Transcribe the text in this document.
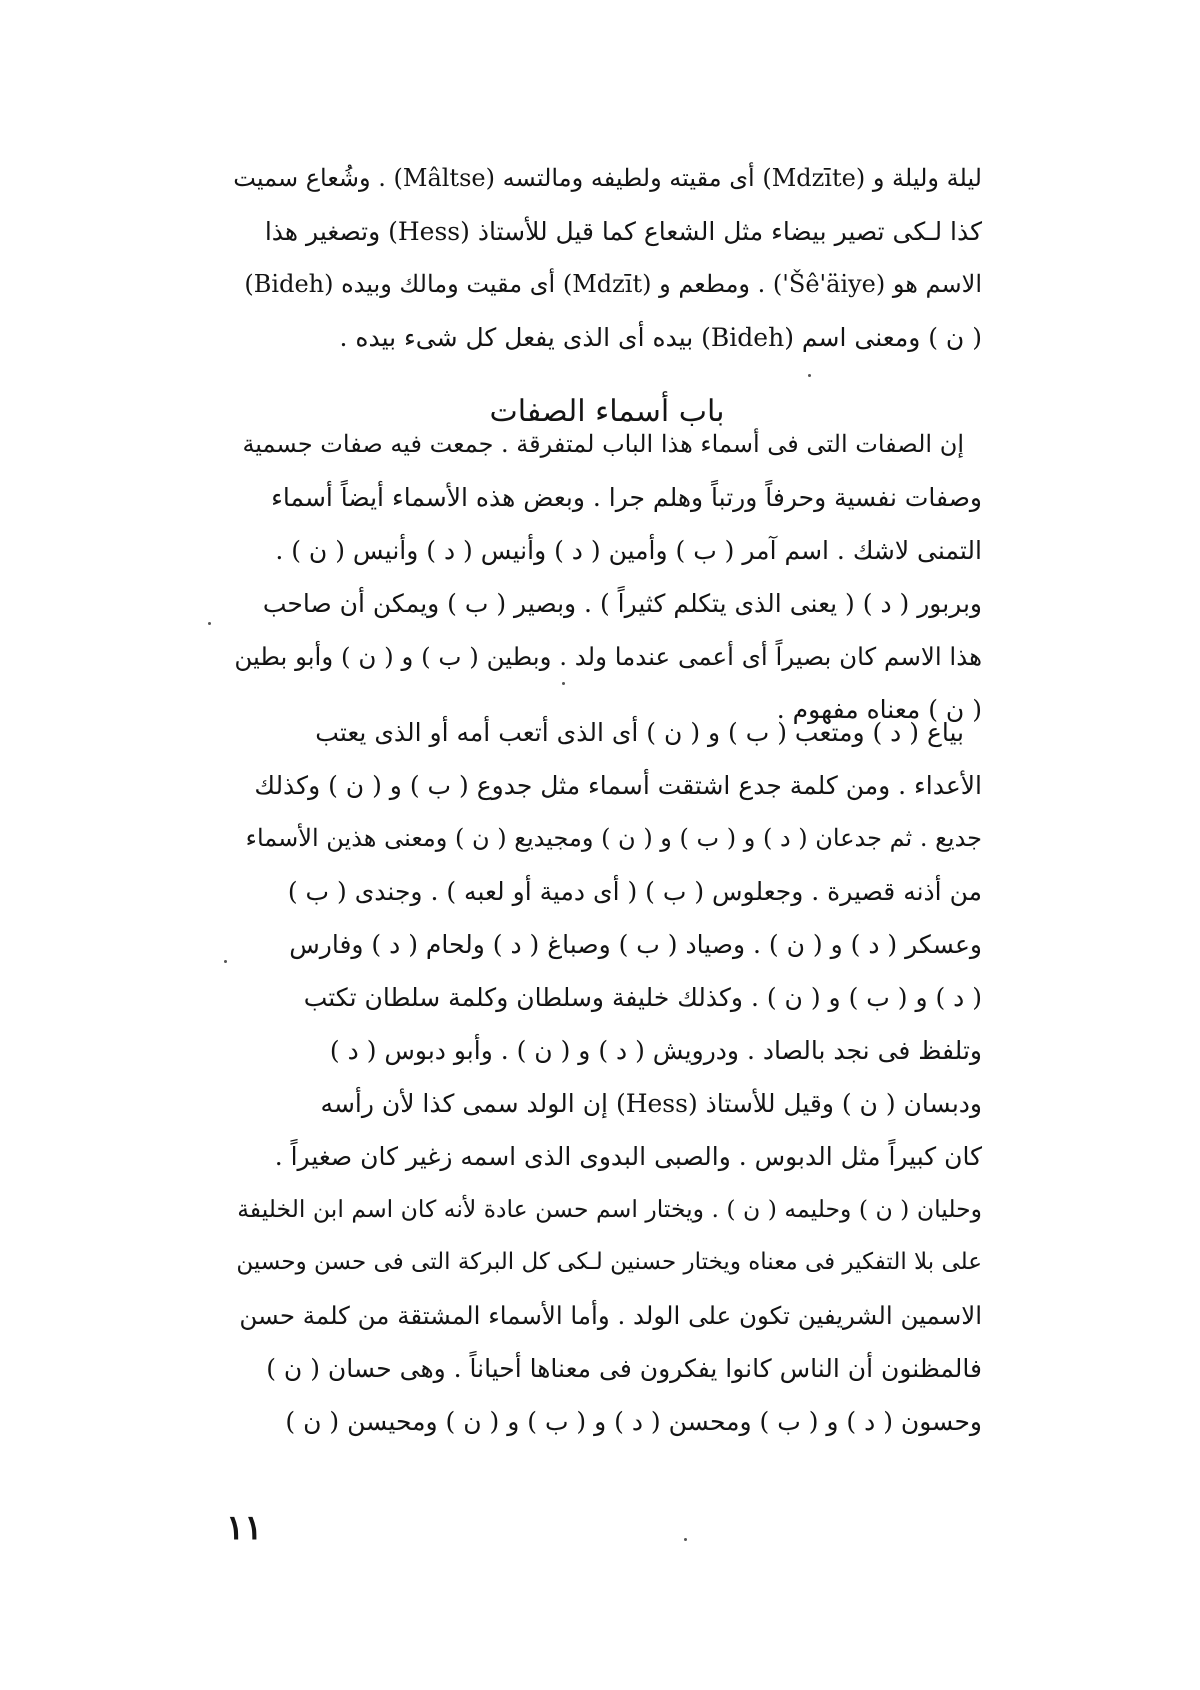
ليلة وليلة و (Mdzīte) أى مقيته ولطيفه ومالتسه (Mâltse) . وشُعاع سميت
كذا لـكى تصير بيضاء مثل الشعاع كما قيل للأستاذ (Hess) وتصغير هذا
الاسم هو (Šê'äiye') . ومطعم و (Mdzīt) أى مقيت ومالك وبيده (Bideh)
( ن ) ومعنى اسم (Bideh) بيده أى الذى يفعل كل شىء بيده .
باب أسماء الصفات
إن الصفات التى فى أسماء هذا الباب لمتفرقة . جمعت فيه صفات جسمية
وصفات نفسية وحرفاً ورتباً وهلم جرا . وبعض هذه الأسماء أيضاً أسماء
التمنى لاشك . اسم آمر ( ب ) وأمين ( د ) وأنيس ( د ) وأنيس ( ن ) .
وبربور ( د ) ( يعنى الذى يتكلم كثيراً ) . وبصير ( ب ) ويمكن أن صاحب
هذا الاسم كان بصيراً أى أعمى عندما ولد . وبطين ( ب ) و ( ن ) وأبو بطين
( ن ) معناه مفهوم .
بياع ( د ) ومتعب ( ب ) و ( ن ) أى الذى أتعب أمه أو الذى يعتب
الأعداء . ومن كلمة جدع اشتقت أسماء مثل جدوع ( ب ) و ( ن ) وكذلك
جديع . ثم جدعان ( د ) و ( ب ) و ( ن ) ومجيديع ( ن ) ومعنى هذين الأسماء
من أذنه قصيرة . وجعلوس ( ب ) ( أى دمية أو لعبه ) . وجندى ( ب )
وعسكر ( د ) و ( ن ) . وصياد ( ب ) وصباغ ( د ) ولحام ( د ) وفارس
( د ) و ( ب ) و ( ن ) . وكذلك خليفة وسلطان وكلمة سلطان تكتب
وتلفظ فى نجد بالصاد . ودرويش ( د ) و ( ن ) . وأبو دبوس ( د )
ودبسان ( ن ) وقيل للأستاذ (Hess) إن الولد سمى كذا لأن رأسه
كان كبيراً مثل الدبوس . والصبى البدوى الذى اسمه زغير كان صغيراً .
وحليان ( ن ) وحليمه ( ن ) . ويختار اسم حسن عادة لأنه كان اسم ابن الخليفة
على بلا التفكير فى معناه ويختار حسنين لـكى كل البركة التى فى حسن وحسين
الاسمين الشريفين تكون على الولد . وأما الأسماء المشتقة من كلمة حسن
فالمظنون أن الناس كانوا يفكرون فى معناها أحياناً . وهى حسان ( ن )
وحسون ( د ) و ( ب ) ومحسن ( د ) و ( ب ) و ( ن ) ومحيسن ( ن )
١١
